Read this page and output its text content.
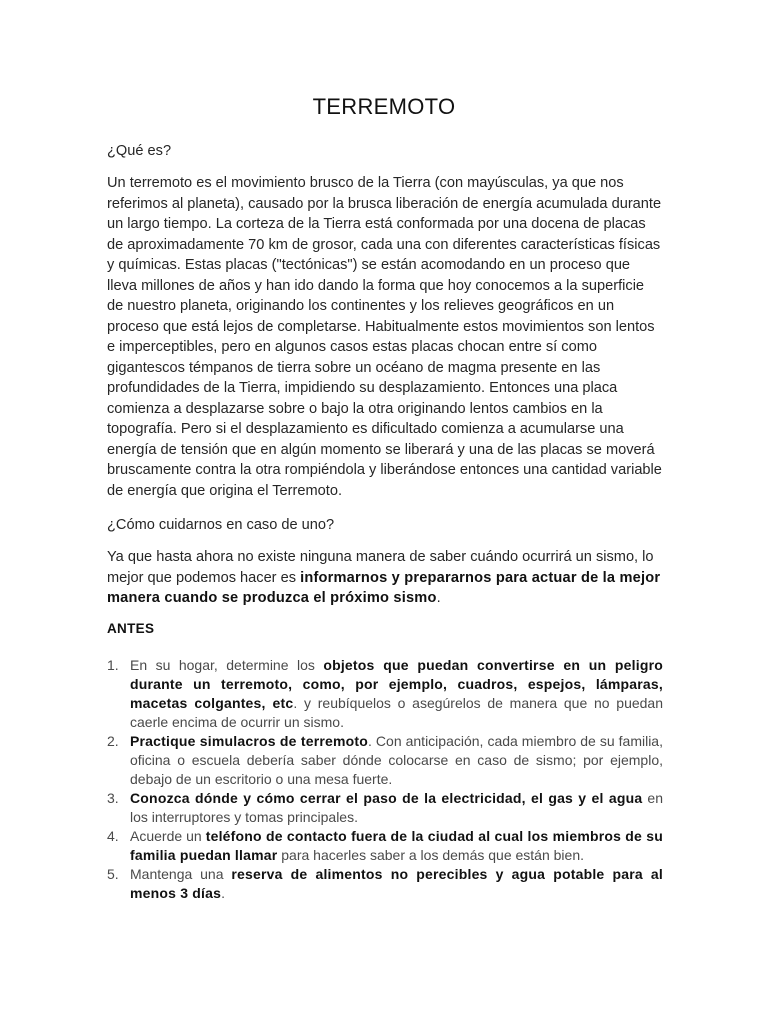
TERREMOTO
¿Qué es?
Un terremoto es el movimiento brusco de la Tierra (con mayúsculas, ya que nos referimos al planeta), causado por la brusca liberación de energía acumulada durante un largo tiempo. La corteza de la Tierra está conformada por una docena de placas de aproximadamente 70 km de grosor, cada una con diferentes características físicas y químicas. Estas placas ("tectónicas") se están acomodando en un proceso que lleva millones de años y han ido dando la forma que hoy conocemos a la superficie de nuestro planeta, originando los continentes y los relieves geográficos en un proceso que está lejos de completarse. Habitualmente estos movimientos son lentos e imperceptibles, pero en algunos casos estas placas chocan entre sí como gigantescos témpanos de tierra sobre un océano de magma presente en las profundidades de la Tierra, impidiendo su desplazamiento. Entonces una placa comienza a desplazarse sobre o bajo la otra originando lentos cambios en la topografía. Pero si el desplazamiento es dificultado comienza a acumularse una energía de tensión que en algún momento se liberará y una de las placas se moverá bruscamente contra la otra rompiéndola y liberándose entonces una cantidad variable de energía que origina el Terremoto.
¿Cómo cuidarnos en caso de uno?
Ya que hasta ahora no existe ninguna manera de saber cuándo ocurrirá un sismo, lo mejor que podemos hacer es informarnos y prepararnos para actuar de la mejor manera cuando se produzca el próximo sismo.
ANTES
1. En su hogar, determine los objetos que puedan convertirse en un peligro durante un terremoto, como, por ejemplo, cuadros, espejos, lámparas, macetas colgantes, etc. y reubíquelos o asegúrelos de manera que no puedan caerle encima de ocurrir un sismo.
2. Practique simulacros de terremoto. Con anticipación, cada miembro de su familia, oficina o escuela debería saber dónde colocarse en caso de sismo; por ejemplo, debajo de un escritorio o una mesa fuerte.
3. Conozca dónde y cómo cerrar el paso de la electricidad, el gas y el agua en los interruptores y tomas principales.
4. Acuerde un teléfono de contacto fuera de la ciudad al cual los miembros de su familia puedan llamar para hacerles saber a los demás que están bien.
5. Mantenga una reserva de alimentos no perecibles y agua potable para al menos 3 días.
